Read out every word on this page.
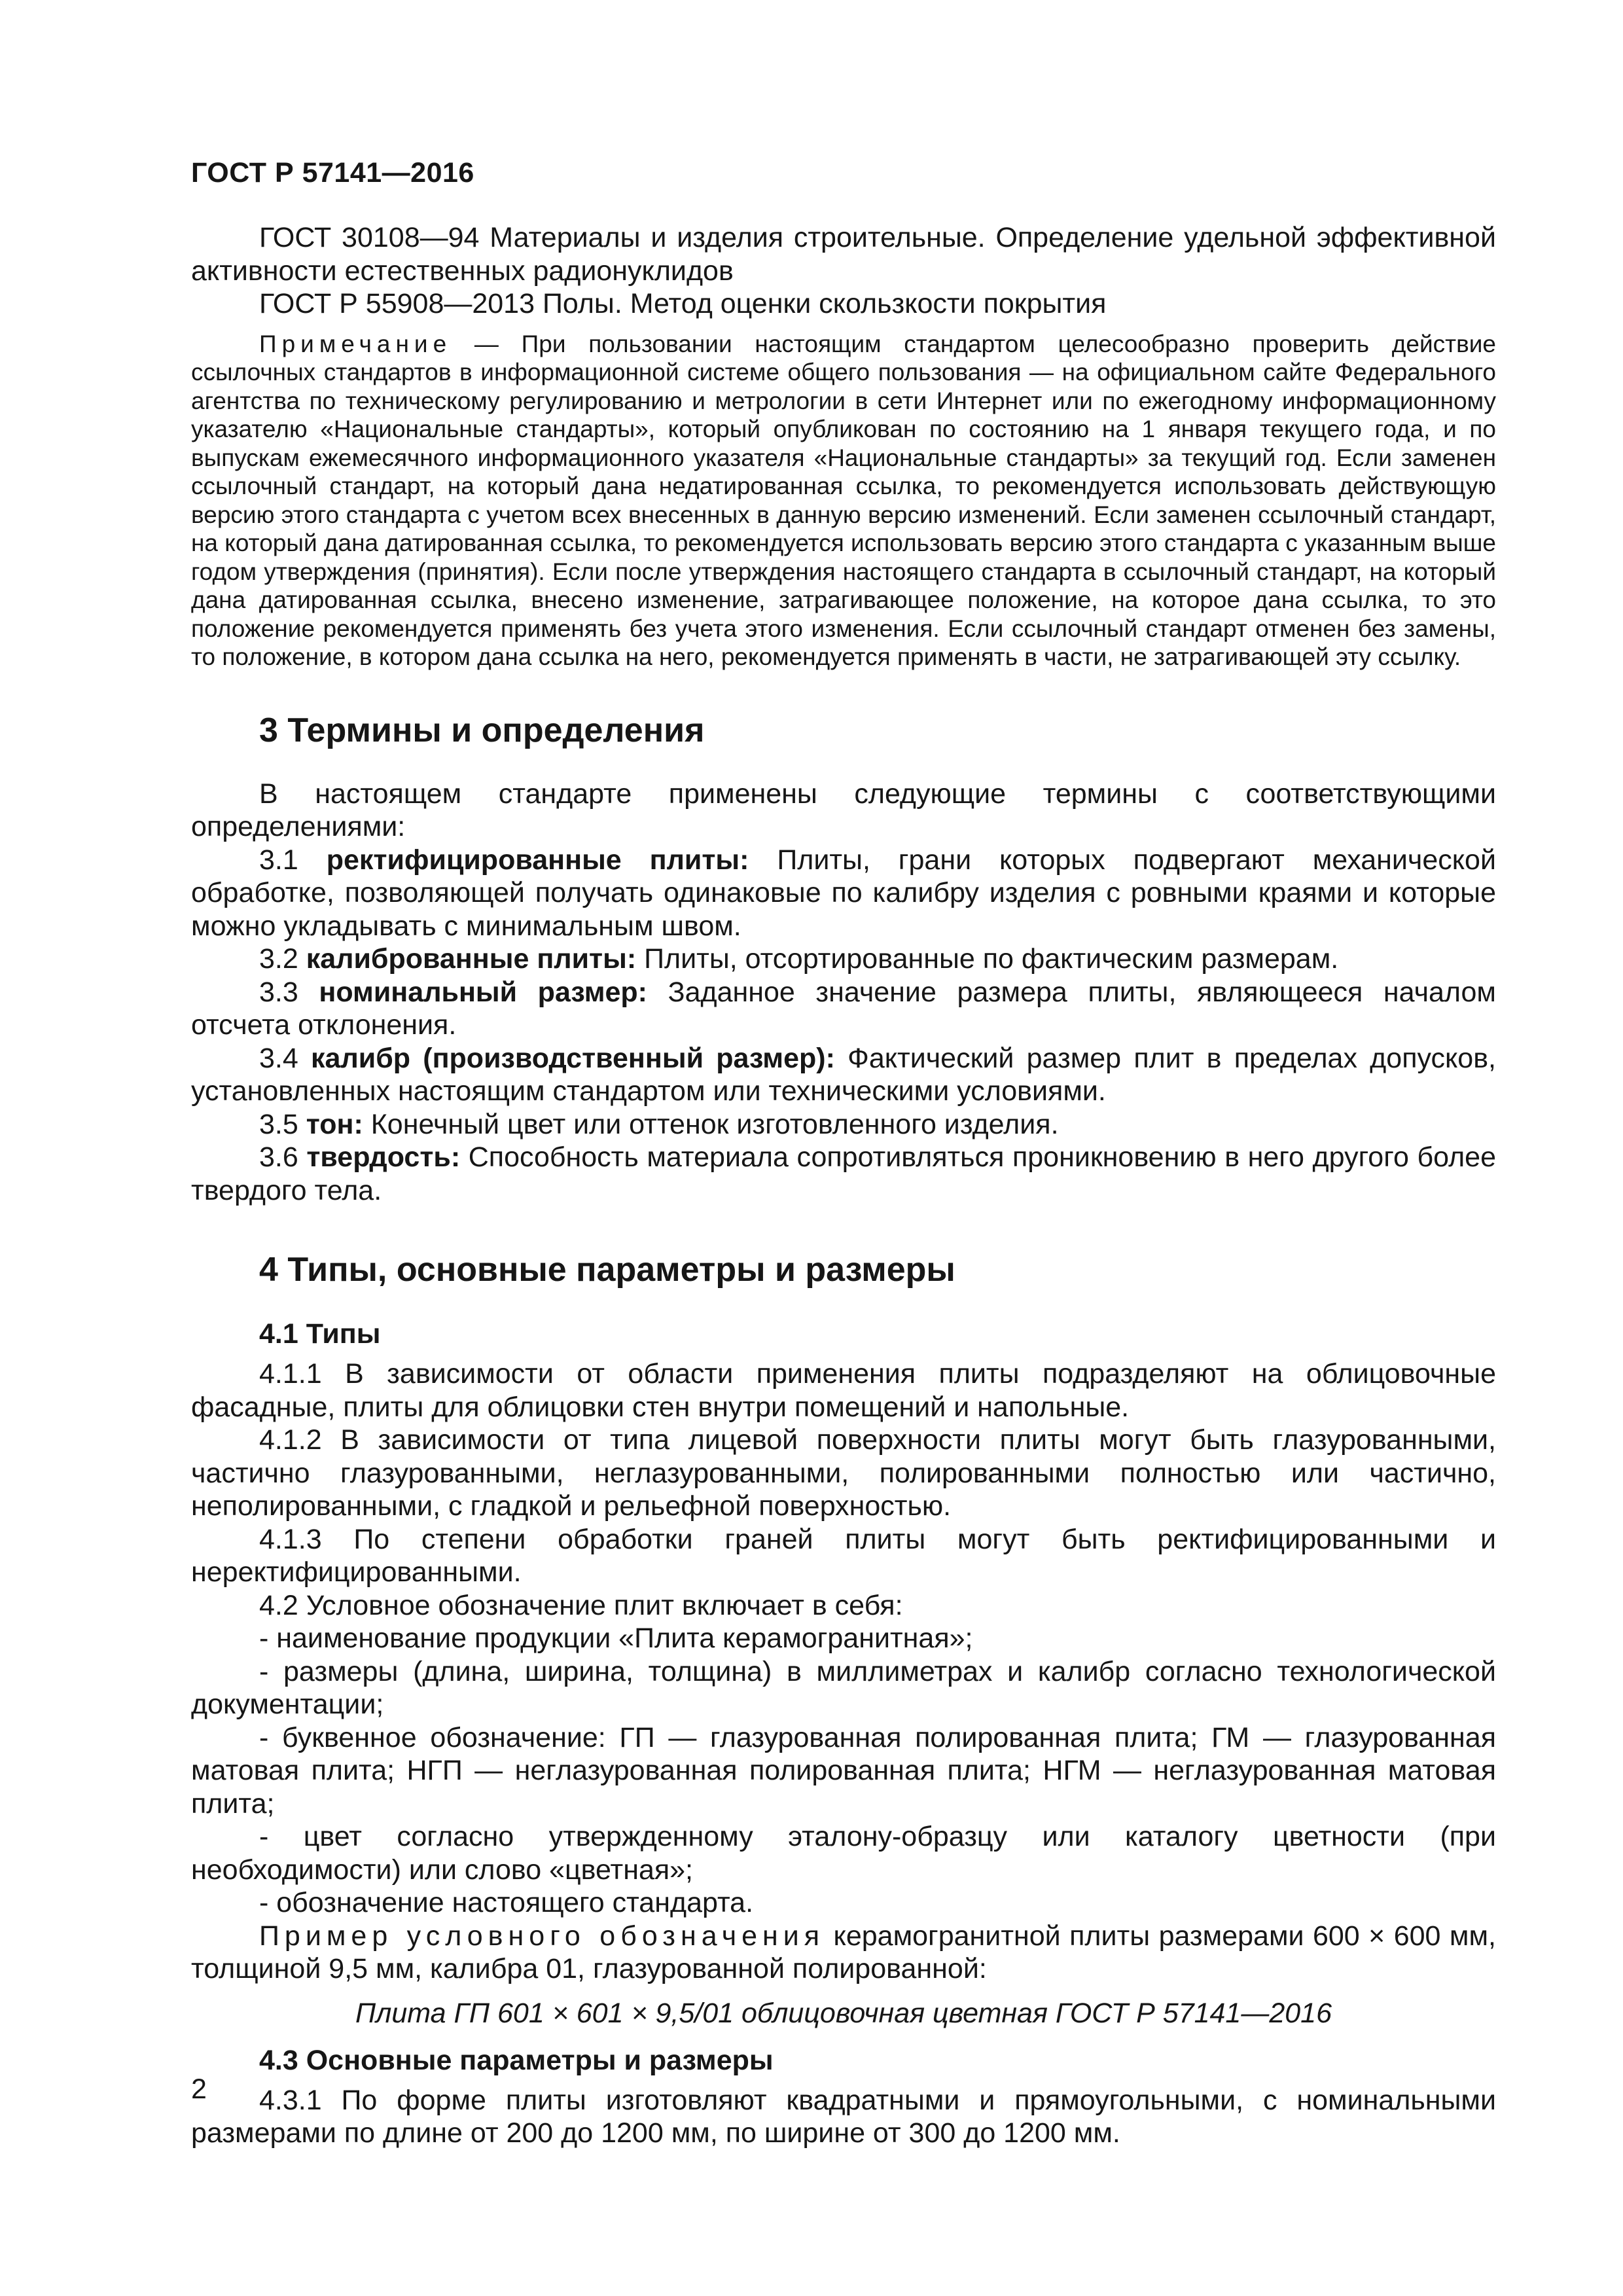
ГОСТ Р 57141—2016

ГОСТ 30108—94 Материалы и изделия строительные. Определение удельной эффективной активности естественных радионуклидов

ГОСТ Р 55908—2013 Полы. Метод оценки скользкости покрытия

Примечание — При пользовании настоящим стандартом целесообразно проверить действие ссылочных стандартов в информационной системе общего пользования — на официальном сайте Федерального агентства по техническому регулированию и метрологии в сети Интернет или по ежегодному информационному указателю «Национальные стандарты», который опубликован по состоянию на 1 января текущего года, и по выпускам ежемесячного информационного указателя «Национальные стандарты» за текущий год. Если заменен ссылочный стандарт, на который дана недатированная ссылка, то рекомендуется использовать действующую версию этого стандарта с учетом всех внесенных в данную версию изменений. Если заменен ссылочный стандарт, на который дана датированная ссылка, то рекомендуется использовать версию этого стандарта с указанным выше годом утверждения (принятия). Если после утверждения настоящего стандарта в ссылочный стандарт, на который дана датированная ссылка, внесено изменение, затрагивающее положение, на которое дана ссылка, то это положение рекомендуется применять без учета этого изменения. Если ссылочный стандарт отменен без замены, то положение, в котором дана ссылка на него, рекомендуется применять в части, не затрагивающей эту ссылку.

3 Термины и определения

В настоящем стандарте применены следующие термины с соответствующими определениями:

3.1 ректифицированные плиты: Плиты, грани которых подвергают механической обработке, позволяющей получать одинаковые по калибру изделия с ровными краями и которые можно укладывать с минимальным швом.

3.2 калиброванные плиты: Плиты, отсортированные по фактическим размерам.

3.3 номинальный размер: Заданное значение размера плиты, являющееся началом отсчета отклонения.

3.4 калибр (производственный размер): Фактический размер плит в пределах допусков, установленных настоящим стандартом или техническими условиями.

3.5 тон: Конечный цвет или оттенок изготовленного изделия.

3.6 твердость: Способность материала сопротивляться проникновению в него другого более твердого тела.

4 Типы, основные параметры и размеры
4.1 Типы

4.1.1 В зависимости от области применения плиты подразделяют на облицовочные фасадные, плиты для облицовки стен внутри помещений и напольные.

4.1.2 В зависимости от типа лицевой поверхности плиты могут быть глазурованными, частично глазурованными, неглазурованными, полированными полностью или частично, неполированными, с гладкой и рельефной поверхностью.

4.1.3 По степени обработки граней плиты могут быть ректифицированными и неректифицированными.

4.2 Условное обозначение плит включает в себя:

- наименование продукции «Плита керамогранитная»;

- размеры (длина, ширина, толщина) в миллиметрах и калибр согласно технологической документации;

- буквенное обозначение: ГП — глазурованная полированная плита; ГМ — глазурованная матовая плита; НГП — неглазурованная полированная плита; НГМ — неглазурованная матовая плита;

- цвет согласно утвержденному эталону-образцу или каталогу цветности (при необходимости) или слово «цветная»;

- обозначение настоящего стандарта.

Пример условного обозначения керамогранитной плиты размерами 600 × 600 мм, толщиной 9,5 мм, калибра 01, глазурованной полированной:

Плита ГП 601 × 601 × 9,5/01 облицовочная цветная ГОСТ Р 57141—2016

4.3 Основные параметры и размеры

4.3.1 По форме плиты изготовляют квадратными и прямоугольными, с номинальными размерами по длине от 200 до 1200 мм, по ширине от 300 до 1200 мм.

2
